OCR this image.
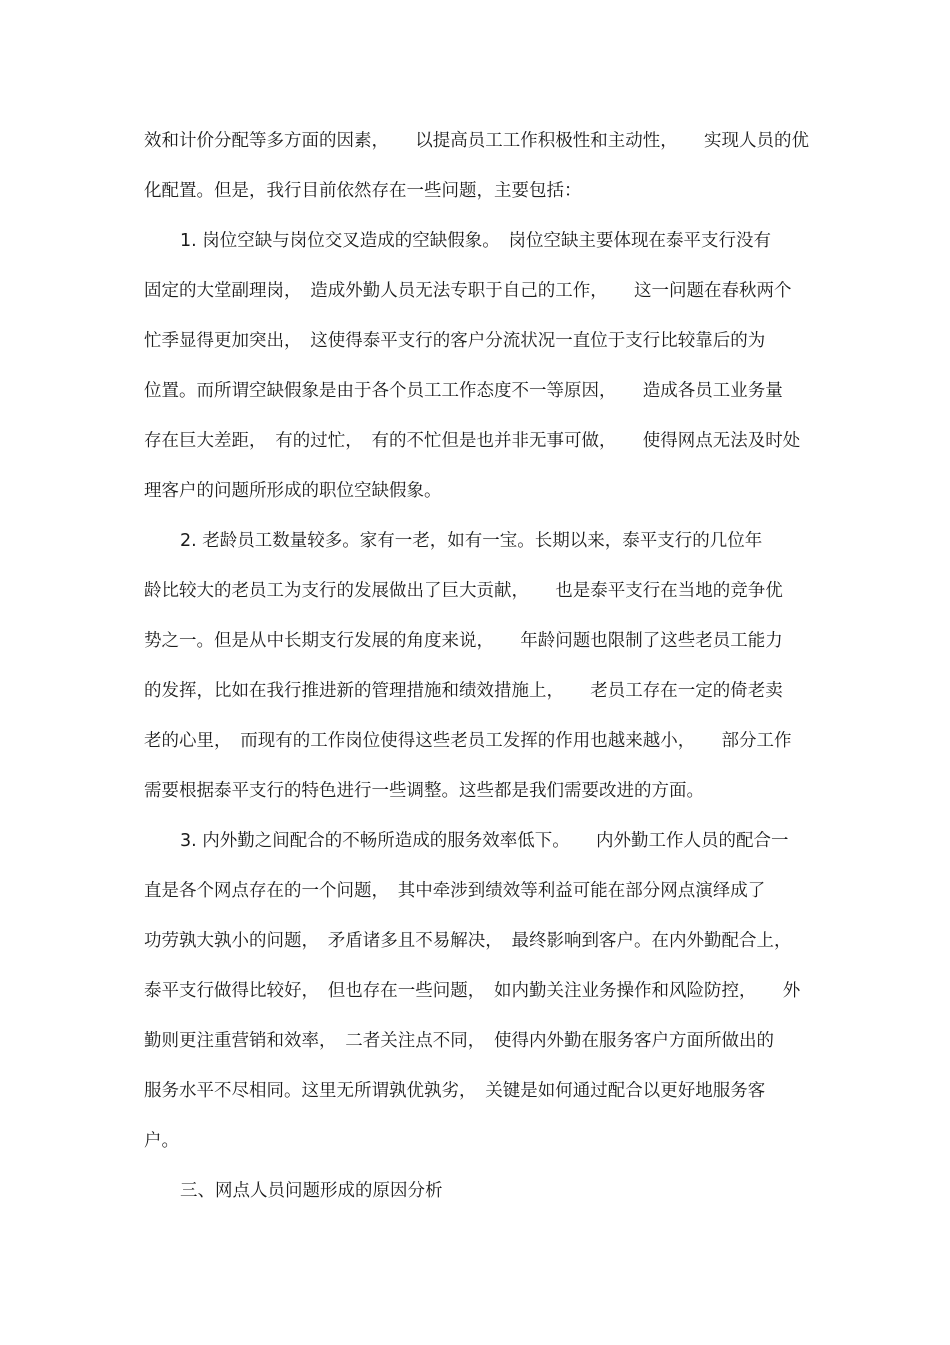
效和计价分配等多方面的因素，　　以提高员工工作积极性和主动性，　　实现人员的优
化配置。但是，我行目前依然存在一些问题，主要包括：
1. 岗位空缺与岗位交叉造成的空缺假象。　岗位空缺主要体现在泰平支行没有
固定的大堂副理岗，　造成外勤人员无法专职于自己的工作，　　这一问题在春秋两个
忙季显得更加突出，　这使得泰平支行的客户分流状况一直位于支行比较靠后的为
位置。而所谓空缺假象是由于各个员工工作态度不一等原因，　　造成各员工业务量
存在巨大差距，　有的过忙，　有的不忙但是也并非无事可做，　　使得网点无法及时处
理客户的问题所形成的职位空缺假象。
2. 老龄员工数量较多。家有一老，如有一宝。长期以来，泰平支行的几位年
龄比较大的老员工为支行的发展做出了巨大贡献，　　也是泰平支行在当地的竞争优
势之一。但是从中长期支行发展的角度来说，　　年龄问题也限制了这些老员工能力
的发挥，比如在我行推进新的管理措施和绩效措施上，　　老员工存在一定的倚老卖
老的心里，　而现有的工作岗位使得这些老员工发挥的作用也越来越小，　　部分工作
需要根据泰平支行的特色进行一些调整。这些都是我们需要改进的方面。
3. 内外勤之间配合的不畅所造成的服务效率低下。　　内外勤工作人员的配合一
直是各个网点存在的一个问题，　其中牵涉到绩效等利益可能在部分网点演绎成了
功劳孰大孰小的问题，　矛盾诸多且不易解决，　最终影响到客户。在内外勤配合上，
泰平支行做得比较好，　但也存在一些问题，　如内勤关注业务操作和风险防控，　　外
勤则更注重营销和效率，　二者关注点不同，　使得内外勤在服务客户方面所做出的
服务水平不尽相同。这里无所谓孰优孰劣，　关键是如何通过配合以更好地服务客
户。
三、网点人员问题形成的原因分析
